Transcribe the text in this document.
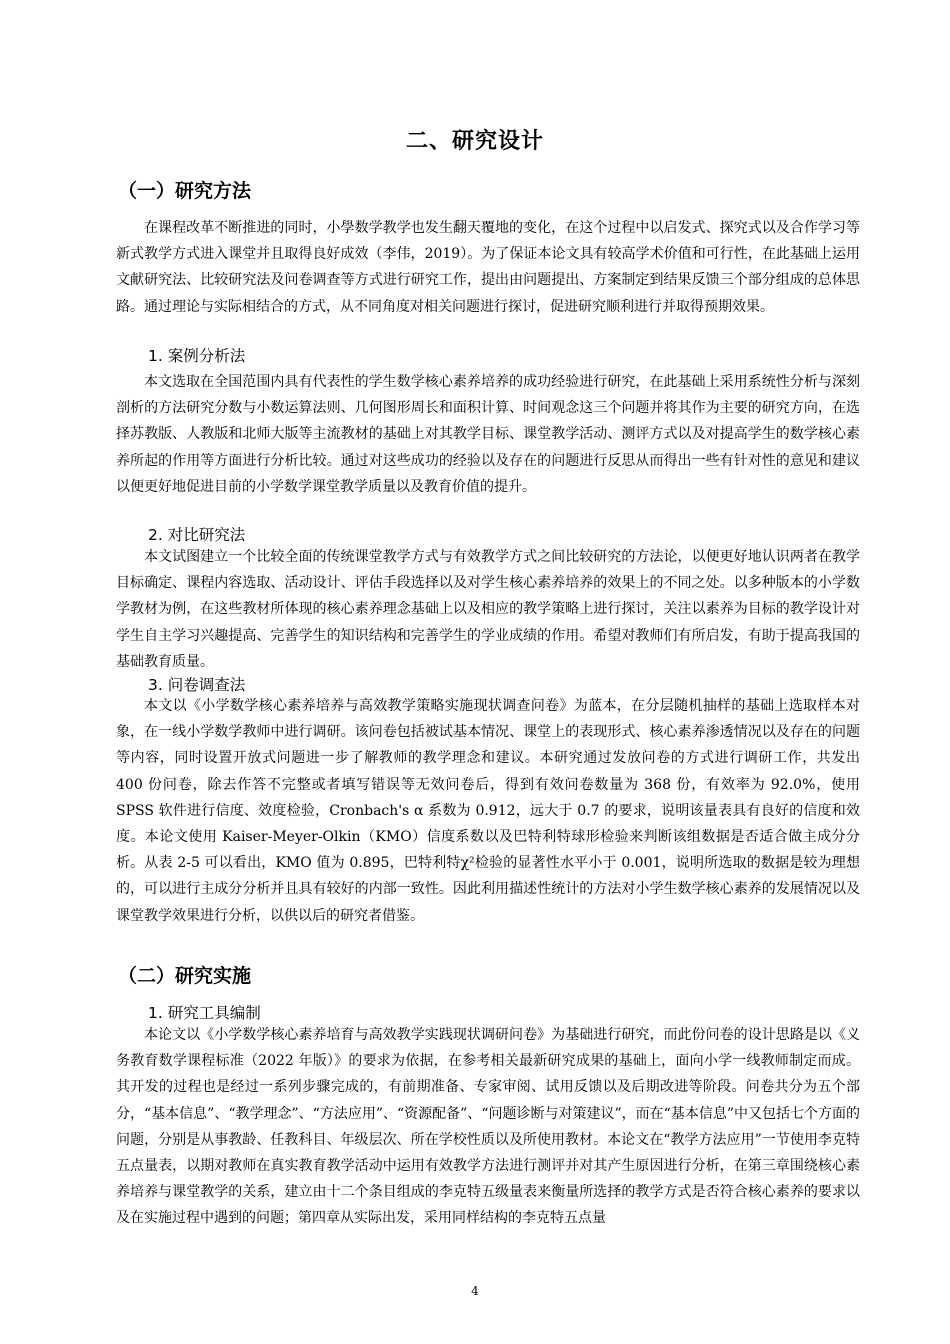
二、研究设计
（一）研究方法

在课程改革不断推进的同时，小學数学教学也发生翻天覆地的变化，在这个过程中以启发式、探究式以及合作学习等新式教学方式进入课堂并且取得良好成效（李伟，2019）。为了保证本论文具有较高学术价值和可行性，在此基础上运用文献研究法、比较研究法及问卷调查等方式进行研究工作，提出由问题提出、方案制定到结果反馈三个部分组成的总体思路。通过理论与实际相结合的方式，从不同角度对相关问题进行探讨，促进研究顺利进行并取得预期效果。

1. 案例分析法

本文选取在全国范围内具有代表性的学生数学核心素养培养的成功经验进行研究，在此基础上采用系统性分析与深刻剖析的方法研究分数与小数运算法则、几何图形周长和面积计算、时间观念这三个问题并将其作为主要的研究方向，在选择苏教版、人教版和北师大版等主流教材的基础上对其教学目标、课堂教学活动、测评方式以及对提高学生的数学核心素养所起的作用等方面进行分析比较。通过对这些成功的经验以及存在的问题进行反思从而得出一些有针对性的意见和建议以便更好地促进目前的小学数学课堂教学质量以及教育价值的提升。

2. 对比研究法

本文试图建立一个比较全面的传统课堂教学方式与有效教学方式之间比较研究的方法论，以便更好地认识两者在教学目标确定、课程内容选取、活动设计、评估手段选择以及对学生核心素养培养的效果上的不同之处。以多种版本的小学数学教材为例，在这些教材所体现的核心素养理念基础上以及相应的教学策略上进行探讨，关注以素养为目标的教学设计对学生自主学习兴趣提高、完善学生的知识结构和完善学生的学业成绩的作用。希望对教师们有所启发，有助于提高我国的基础教育质量。

3. 问卷调查法

本文以《小学数学核心素养培养与高效教学策略实施现状调查问卷》为蓝本，在分层随机抽样的基础上选取样本对象，在一线小学数学教师中进行调研。该问卷包括被试基本情况、课堂上的表现形式、核心素养渗透情况以及存在的问题等内容，同时设置开放式问题进一步了解教师的教学理念和建议。本研究通过发放问卷的方式进行调研工作，共发出 400 份问卷，除去作答不完整或者填写错误等无效问卷后，得到有效问卷数量为 368 份，有效率为 92.0%，使用 SPSS 软件进行信度、效度检验，Cronbach's α 系数为 0.912，远大于 0.7 的要求，说明该量表具有良好的信度和效度。本论文使用 Kaiser-Meyer-Olkin（KMO）信度系数以及巴特利特球形检验来判断该组数据是否适合做主成分分析。从表 2-5 可以看出，KMO 值为 0.895，巴特利特χ²检验的显著性水平小于 0.001，说明所选取的数据是较为理想的，可以进行主成分分析并且具有较好的内部一致性。因此利用描述性统计的方法对小学生数学核心素养的发展情况以及课堂教学效果进行分析，以供以后的研究者借鉴。

（二）研究实施
1. 研究工具编制

本论文以《小学数学核心素养培育与高效教学实践现状调研问卷》为基础进行研究，而此份问卷的设计思路是以《义务教育数学课程标准（2022 年版）》的要求为依据，在参考相关最新研究成果的基础上，面向小学一线教师制定而成。其开发的过程也是经过一系列步骤完成的，有前期准备、专家审阅、试用反馈以及后期改进等阶段。问卷共分为五个部分，“基本信息”、“教学理念”、“方法应用”、“资源配备”、“问题诊断与对策建议”，而在“基本信息”中又包括七个方面的问题，分别是从事教龄、任教科目、年级层次、所在学校性质以及所使用教材。本论文在“教学方法应用”一节使用李克特五点量表，以期对教师在真实教育教学活动中运用有效教学方法进行测评并对其产生原因进行分析，在第三章围绕核心素养培养与课堂教学的关系，建立由十二个条目组成的李克特五级量表来衡量所选择的教学方式是否符合核心素养的要求以及在实施过程中遇到的问题；第四章从实际出发，采用同样结构的李克特五点量

4
